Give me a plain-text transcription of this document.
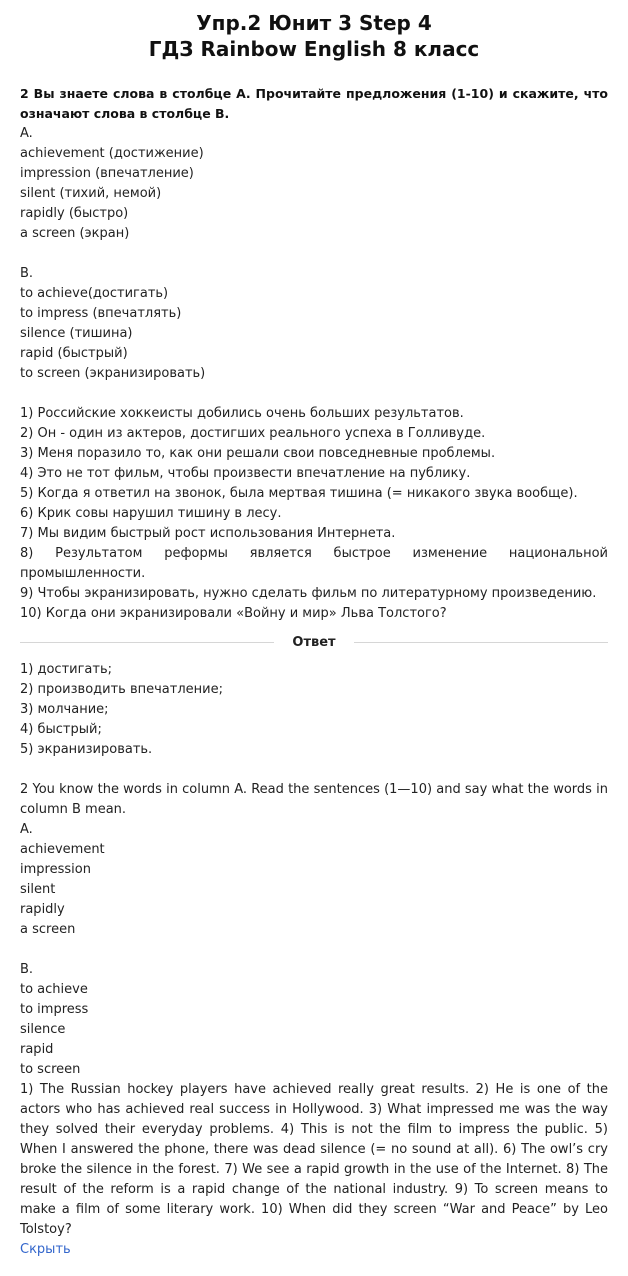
Упр.2 Юнит 3 Step 4
ГДЗ Rainbow English 8 класс
2 Вы знаете слова в столбце А. Прочитайте предложения (1-10) и скажите, что означают слова в столбце В.
A.
achievement (достижение)
impression (впечатление)
silent (тихий, немой)
rapidly (быстро)
a screen (экран)
B.
to achieve(достигать)
to impress (впечатлять)
silence (тишина)
rapid (быстрый)
to screen (экранизировать)
1) Российские хоккеисты добились очень больших результатов.
2) Он - один из актеров, достигших реального успеха в Голливуде.
3) Меня поразило то, как они решали свои повседневные проблемы.
4) Это не тот фильм, чтобы произвести впечатление на публику.
5) Когда я ответил на звонок, была мертвая тишина (= никакого звука вообще).
6) Крик совы нарушил тишину в лесу.
7) Мы видим быстрый рост использования Интернета.
8) Результатом реформы является быстрое изменение национальной промышленности.
9) Чтобы экранизировать, нужно сделать фильм по литературному произведению.
10) Когда они экранизировали «Войну и мир» Льва Толстого?
Ответ
1) достигать;
2) производить впечатление;
3) молчание;
4) быстрый;
5) экранизировать.
2 You know the words in column A. Read the sentences (1—10) and say what the words in column B mean.
A.
achievement
impression
silent
rapidly
a screen
B.
to achieve
to impress
silence
rapid
to screen
1) The Russian hockey players have achieved really great results. 2) He is one of the actors who has achieved real success in Hollywood. 3) What impressed me was the way they solved their everyday problems. 4) This is not the film to impress the public. 5) When I answered the phone, there was dead silence (= no sound at all). 6) The owl’s cry broke the silence in the forest. 7) We see a rapid growth in the use of the Internet. 8) The result of the reform is a rapid change of the national industry. 9) To screen means to make a film of some literary work. 10) When did they screen “War and Peace” by Leo Tolstoy?
Скрыть
